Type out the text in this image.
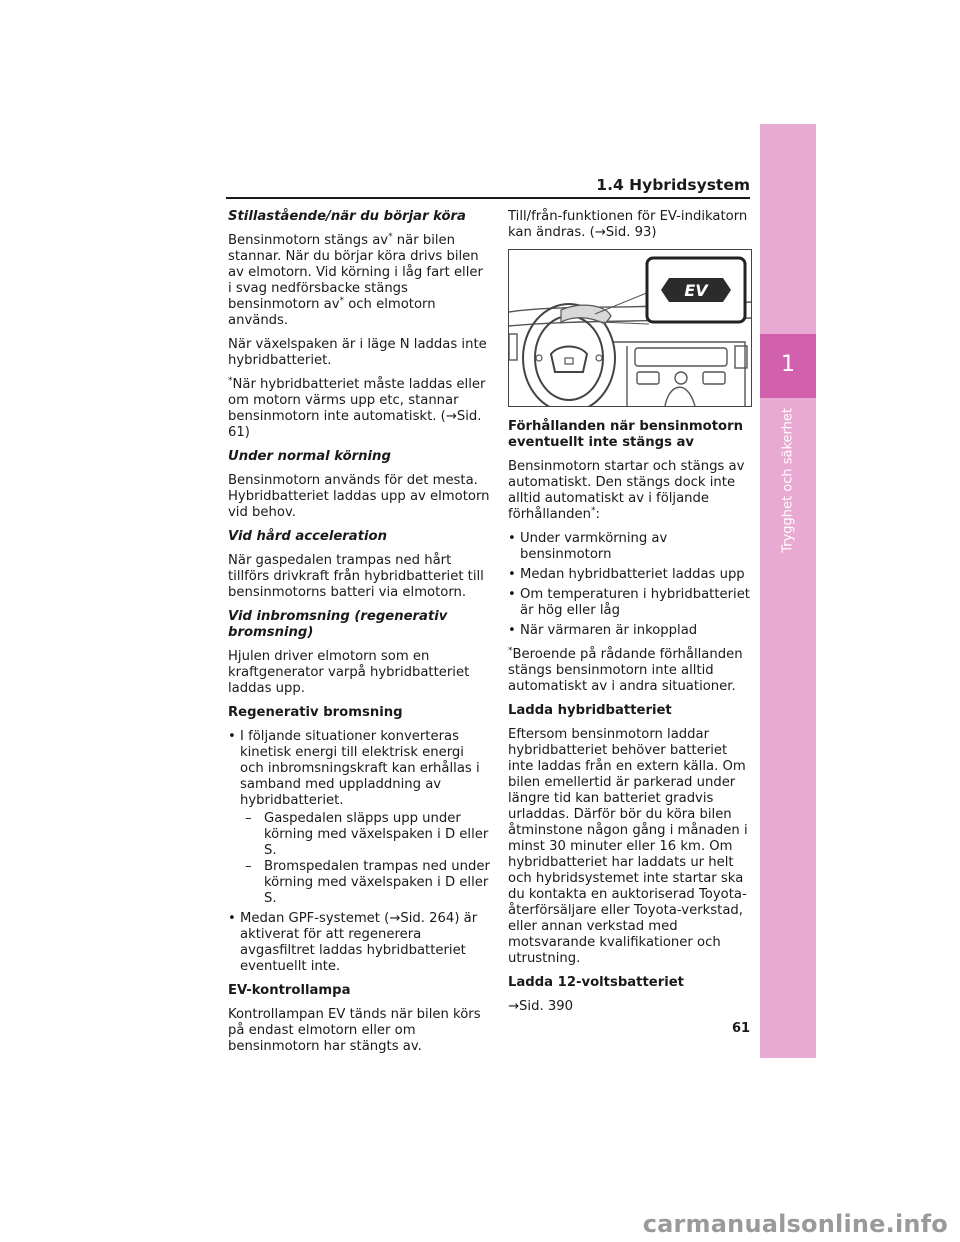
1.4 Hybridsystem
1
Trygghet och säkerhet

Stillastående/när du börjar köra

Bensinmotorn stängs av* när bilen stannar. När du börjar köra drivs bilen av elmotorn. Vid körning i låg fart eller i svag nedförsbacke stängs bensinmotorn av* och elmotorn används.

När växelspaken är i läge N laddas inte hybridbatteriet.

*När hybridbatteriet måste laddas eller om motorn värms upp etc, stannar bensinmotorn inte automatiskt. (→Sid. 61)

Under normal körning

Bensinmotorn används för det mesta. Hybridbatteriet laddas upp av elmotorn vid behov.

Vid hård acceleration

När gaspedalen trampas ned hårt tillförs drivkraft från hybridbatteriet till bensinmotorns batteri via elmotorn.

Vid inbromsning (regenerativ bromsning)

Hjulen driver elmotorn som en kraftgenerator varpå hybridbatteriet laddas upp.

Regenerativ bromsning

• I följande situationer konverteras kinetisk energi till elektrisk energi och inbromsningskraft kan erhållas i samband med uppladdning av hybridbatteriet.
– Gaspedalen släpps upp under körning med växelspaken i D eller S.
– Bromspedalen trampas ned under körning med växelspaken i D eller S.
• Medan GPF-systemet (→Sid. 264) är aktiverat för att regenerera avgasfiltret laddas hybridbatteriet eventuellt inte.

EV-kontrollampa

Kontrollampan EV tänds när bilen körs på endast elmotorn eller om bensinmotorn har stängts av.

Till/från-funktionen för EV-indikatorn kan ändras. (→Sid. 93)

EV

Förhållanden när bensinmotorn eventuellt inte stängs av

Bensinmotorn startar och stängs av automatiskt. Den stängs dock inte alltid automatiskt av i följande förhållanden*:

• Under varmkörning av bensinmotorn
• Medan hybridbatteriet laddas upp
• Om temperaturen i hybridbatteriet är hög eller låg
• När värmaren är inkopplad

*Beroende på rådande förhållanden stängs bensinmotorn inte alltid automatiskt av i andra situationer.

Ladda hybridbatteriet

Eftersom bensinmotorn laddar hybridbatteriet behöver batteriet inte laddas från en extern källa. Om bilen emellertid är parkerad under längre tid kan batteriet gradvis urladdas. Därför bör du köra bilen åtminstone någon gång i månaden i minst 30 minuter eller 16 km. Om hybridbatteriet har laddats ur helt och hybridsystemet inte startar ska du kontakta en auktoriserad Toyota-återförsäljare eller Toyota-verkstad, eller annan verkstad med motsvarande kvalifikationer och utrustning.

Ladda 12-voltsbatteriet

→Sid. 390

61
carmanualsonline.info
